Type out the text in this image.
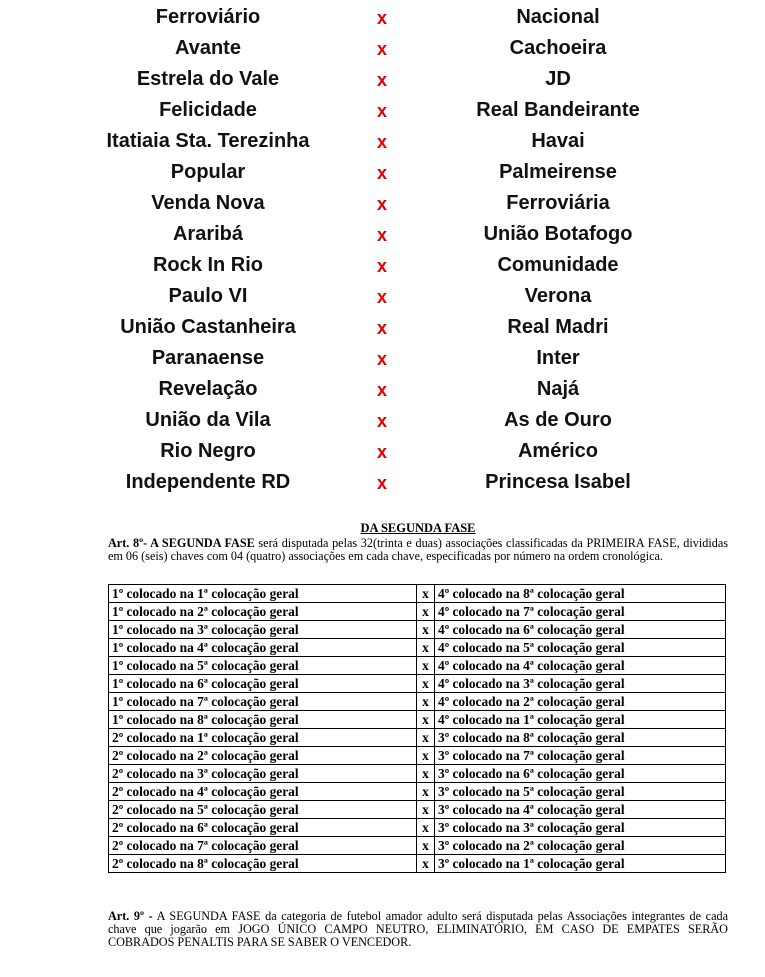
Ferroviário	x	Nacional
Avante	x	Cachoeira
Estrela do Vale	x	JD
Felicidade	x	Real Bandeirante
Itatiaia Sta. Terezinha	x	Havai
Popular	x	Palmeirense
Venda Nova	x	Ferroviária
Araribá	x	União Botafogo
Rock In Rio	x	Comunidade
Paulo VI	x	Verona
União Castanheira	x	Real Madri
Paranaense	x	Inter
Revelação	x	Najá
União da Vila	x	As de Ouro
Rio Negro	x	Américo
Independente RD	x	Princesa Isabel
DA SEGUNDA FASE
Art. 8º- A SEGUNDA FASE será disputada pelas 32(trinta e duas) associações classificadas da PRIMEIRA FASE, divididas em 06 (seis) chaves com 04 (quatro) associações em cada chave, especificadas por número na ordem cronológica.
1º colocado na 1ª colocação geral	x	4º colocado na 8ª colocação geral
1º colocado na 2ª colocação geral	x	4º colocado na 7ª colocação geral
1º colocado na 3ª colocação geral	x	4º colocado na 6ª colocação geral
1º colocado na 4ª colocação geral	x	4º colocado na 5ª colocação geral
1º colocado na 5ª colocação geral	x	4º colocado na 4ª colocação geral
1º colocado na 6ª colocação geral	x	4º colocado na 3ª colocação geral
1º colocado na 7ª colocação geral	x	4º colocado na 2ª colocação geral
1º colocado na 8ª colocação geral	x	4º colocado na 1ª colocação geral
2º colocado na 1ª colocação geral	x	3º colocado na 8ª colocação geral
2º colocado na 2ª colocação geral	x	3º colocado na 7ª colocação geral
2º colocado na 3ª colocação geral	x	3º colocado na 6ª colocação geral
2º colocado na 4ª colocação geral	x	3º colocado na 5ª colocação geral
2º colocado na 5ª colocação geral	x	3º colocado na 4ª colocação geral
2º colocado na 6ª colocação geral	x	3º colocado na 3ª colocação geral
2º colocado na 7ª colocação geral	x	3º colocado na 2ª colocação geral
2º colocado na 8ª colocação geral	x	3º colocado na 1ª colocação geral
Art. 9º - A SEGUNDA FASE da categoria de futebol amador adulto será disputada pelas Associações integrantes de cada chave que jogarão em JOGO ÚNICO CAMPO NEUTRO, ELIMINATÓRIO, EM CASO DE EMPATES SERÃO COBRADOS PENALTIS PARA SE SABER O VENCEDOR.
